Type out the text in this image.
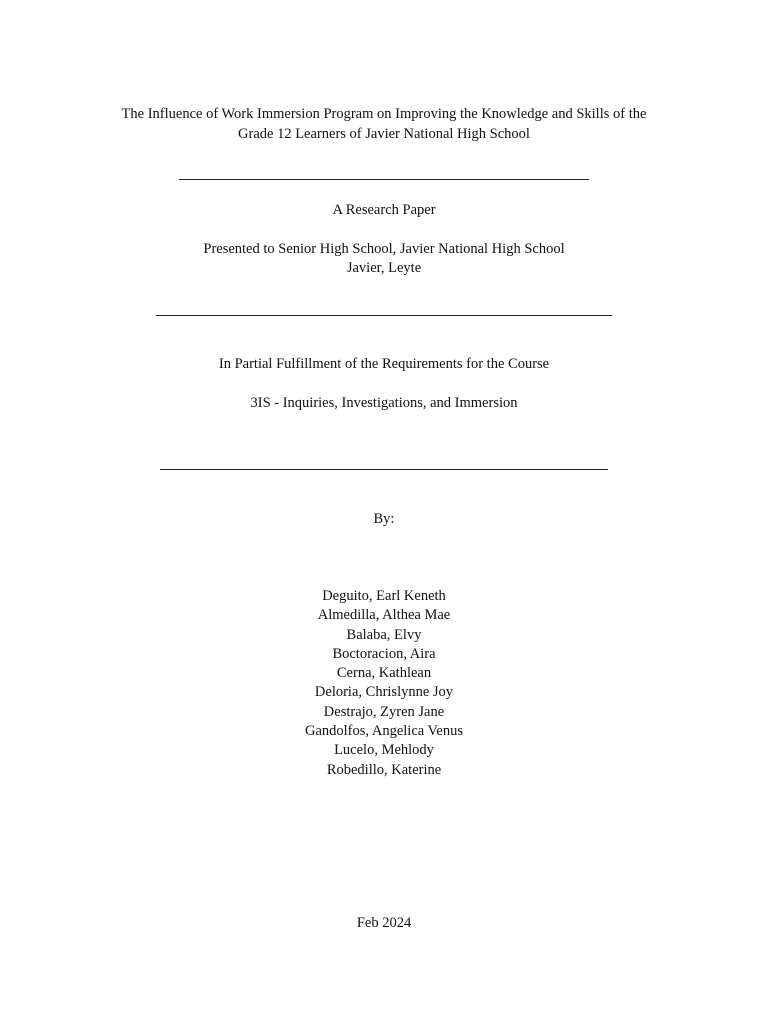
The Influence of Work Immersion Program on Improving the Knowledge and Skills of the
Grade 12 Learners of Javier National High School
A Research Paper
Presented to Senior High School, Javier National High School
Javier, Leyte
In Partial Fulfillment of the Requirements for the Course
3IS - Inquiries, Investigations, and Immersion
By:
Deguito, Earl Keneth
Almedilla, Althea Mae
Balaba, Elvy
Boctoracion, Aira
Cerna, Kathlean
Deloria, Chrislynne Joy
Destrajo, Zyren Jane
Gandolfos, Angelica Venus
Lucelo, Mehlody
Robedillo, Katerine
Feb 2024
